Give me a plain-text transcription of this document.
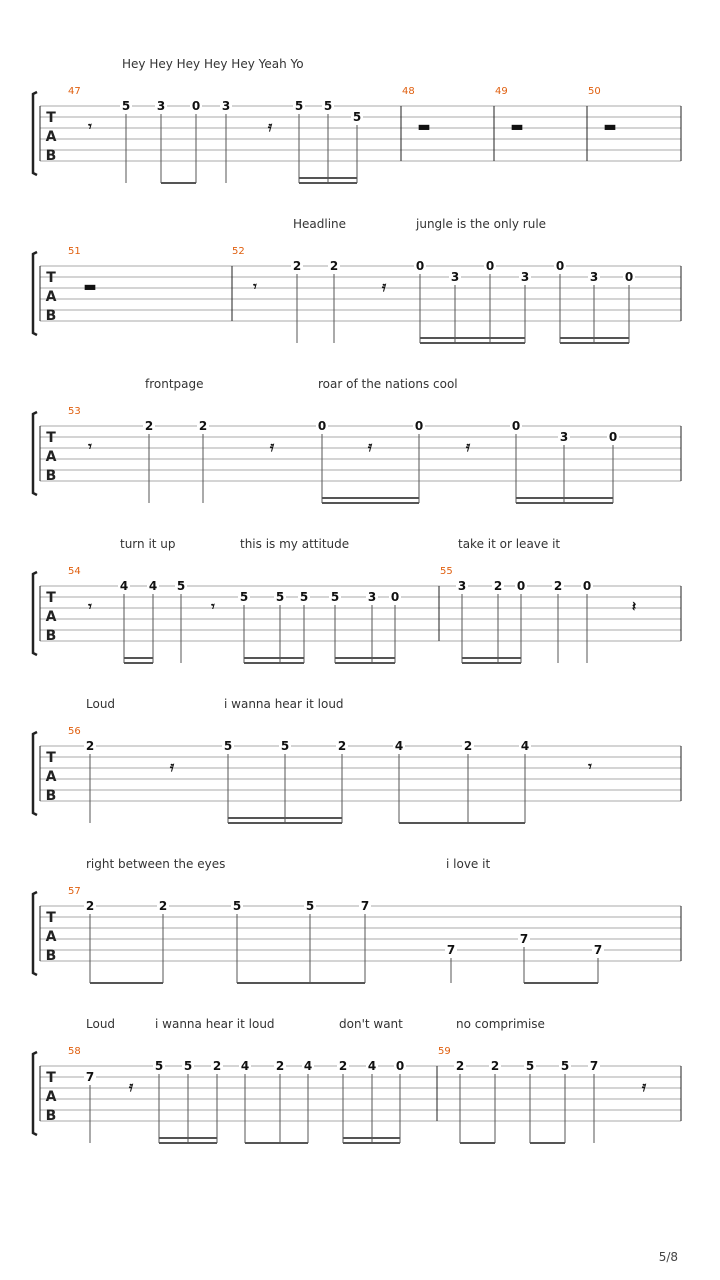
T
A
B
Hey Hey Hey Hey Hey Yeah Yo
47	48	49	50
𝄾	𝄿	▬	▬	▬
5 3 0 3	5 5
5
T
A
B
Headline	jungle is the only rule
51	52
▬	𝄾	𝄿
2 2	0
3
0
3
0
3 0
T
A
B
frontpage	roar of the nations cool
53
𝄾	𝄿	𝄿	𝄿
2	2	0	0	0
3	0
T
A
B
turn it up	this is my attitude	take it or leave it
54	55
𝄾	𝄾	𝄽
4 4 5
5 5 5 5 3 0
3 2 0 2 0
T
A
B
Loud	i wanna hear it loud
56
𝄿	𝄾
2	5	5	2	4	2	4
T
A
B
right between the eyes	i love it
57
2	2	5	5	7
7
7
7
T
A
B
Loud	i wanna hear it loud	don't want	no comprimise
58	59
𝄿	𝄿
7
5 5 2 4 2 4 2 4 0	2 2 5 5 7
5/8
